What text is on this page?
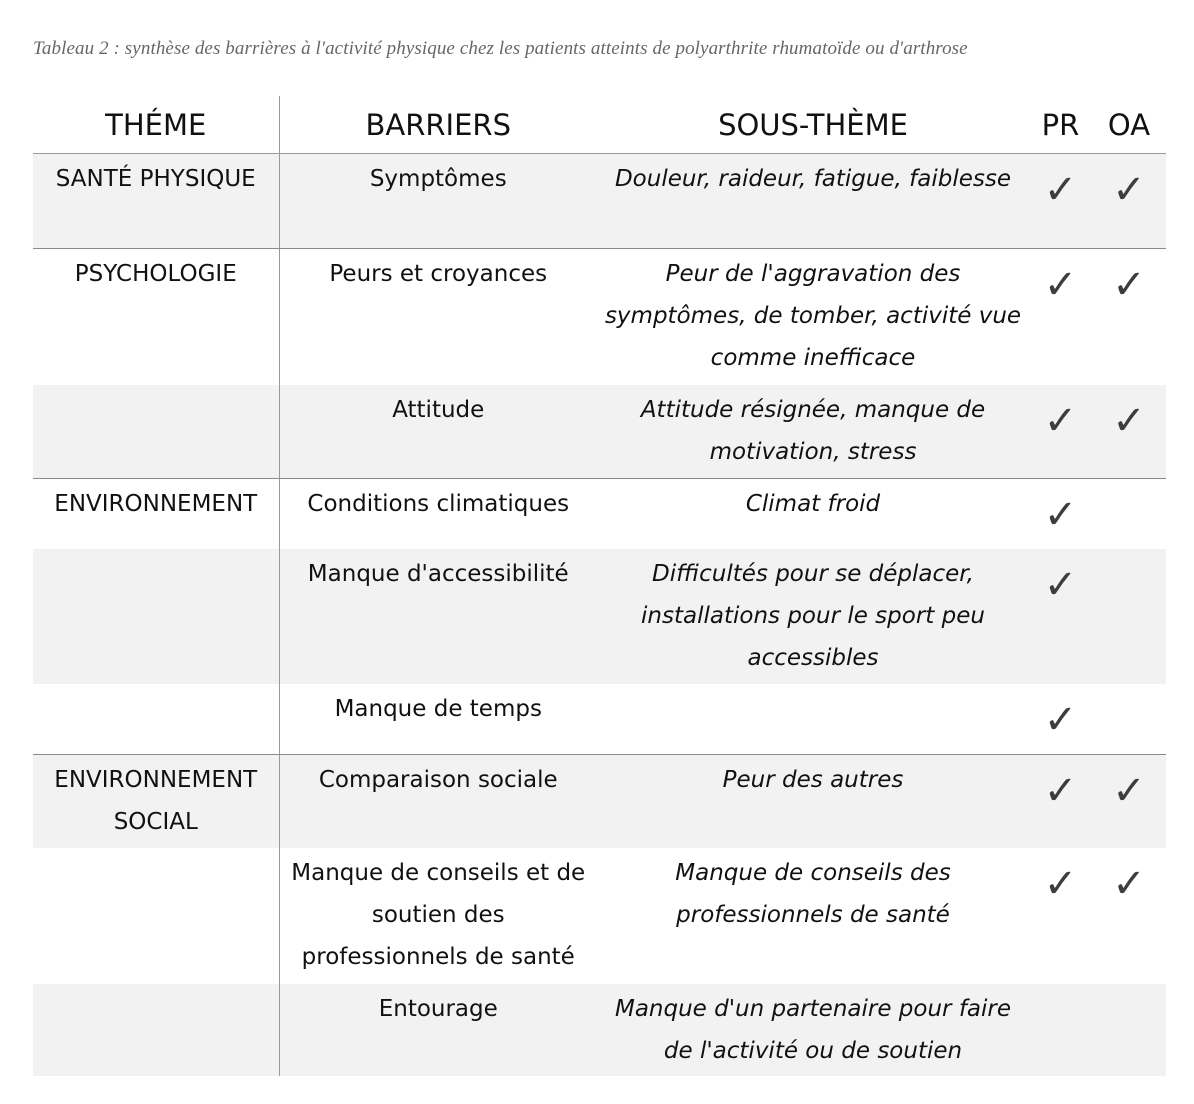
Tableau 2 : synthèse des barrières à l'activité physique chez les patients atteints de polyarthrite rhumatoïde ou d'arthrose
THÉME	BARRIERS	SOUS-THÈME	PR	OA
SANTÉ PHYSIQUE	Symptômes	Douleur, raideur, fatigue, faiblesse	✓	✓
PSYCHOLOGIE	Peurs et croyances	Peur de l'aggravation des symptômes, de tomber, activité vue comme inefficace	✓	✓
	Attitude	Attitude résignée, manque de motivation, stress	✓	✓
ENVIRONNEMENT	Conditions climatiques	Climat froid	✓	
	Manque d'accessibilité	Difficultés pour se déplacer, installations pour le sport peu accessibles	✓	
	Manque de temps		✓	
ENVIRONNEMENT SOCIAL	Comparaison sociale	Peur des autres	✓	✓
	Manque de conseils et de soutien des professionnels de santé	Manque de conseils des professionnels de santé	✓	✓
	Entourage	Manque d'un partenaire pour faire de l'activité ou de soutien		
